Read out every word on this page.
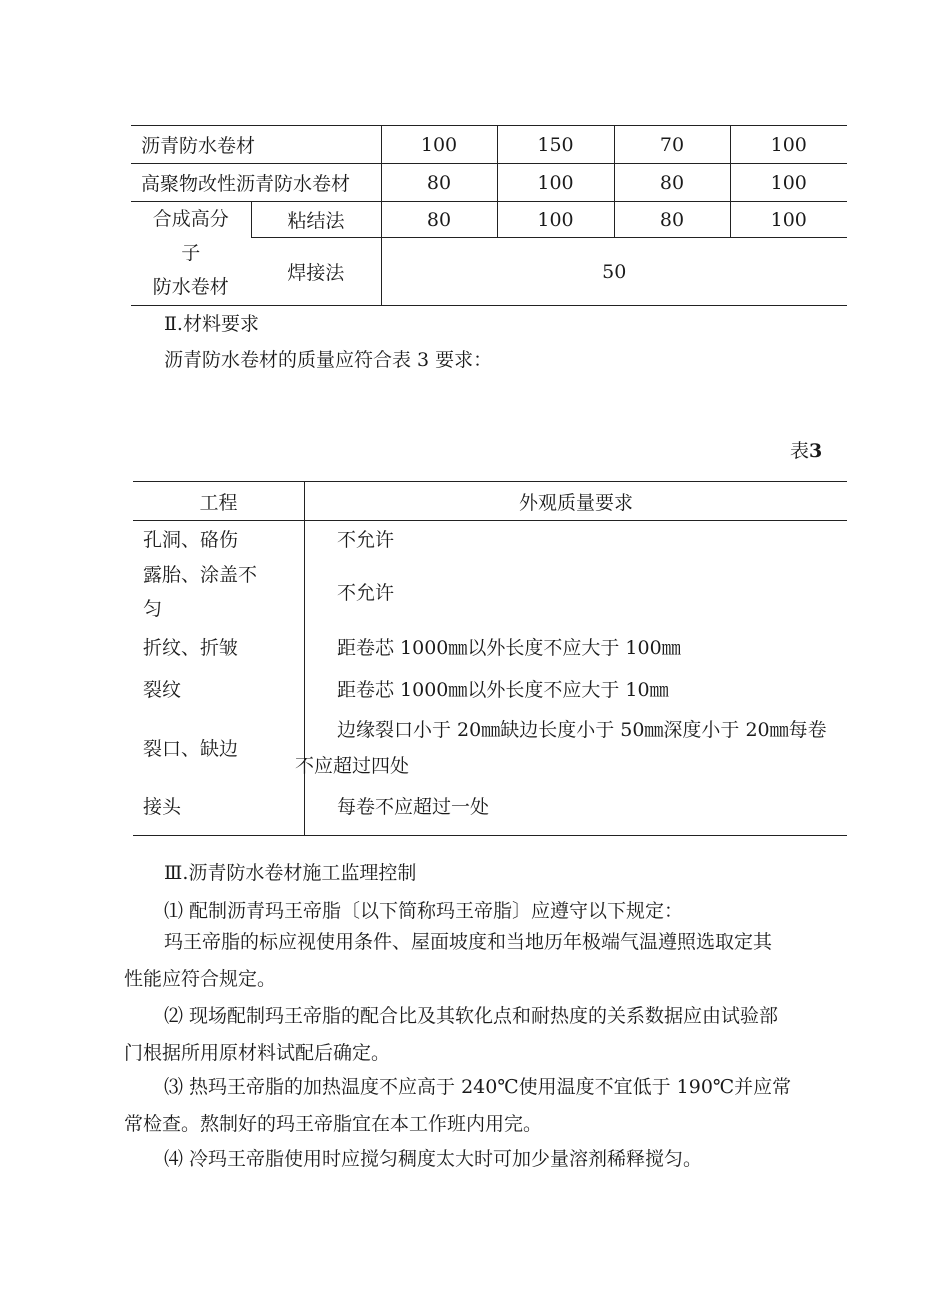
沥青防水卷材		100	150	70	100
高聚物改性沥青防水卷材		80	100	80	100

合成高分
子
防水卷材	粘结法	80	100	80	100
	焊接法	50			
Ⅱ.材料要求
沥青防水卷材的质量应符合表 3 要求：
表3
工程	外观质量要求
孔洞、硌伤	不允许

露胎、涂盖不
匀	不允许

折纹、折皱	距卷芯 1000㎜以外长度不应大于 100㎜

裂纹	距卷芯 1000㎜以外长度不应大于 10㎜

裂口、缺边	边缘裂口小于 20㎜缺边长度小于 50㎜深度小于 20㎜每卷
不应超过四处

接头	每卷不应超过一处
Ⅲ.沥青防水卷材施工监理控制
⑴ 配制沥青玛王帝脂〔以下简称玛王帝脂〕应遵守以下规定：
玛王帝脂的标应视使用条件、屋面坡度和当地历年极端气温遵照选取定其
性能应符合规定。
⑵ 现场配制玛王帝脂的配合比及其软化点和耐热度的关系数据应由试验部
门根据所用原材料试配后确定。
⑶ 热玛王帝脂的加热温度不应高于 240℃使用温度不宜低于 190℃并应常
常检查。熬制好的玛王帝脂宜在本工作班内用完。
⑷ 冷玛王帝脂使用时应搅匀稠度太大时可加少量溶剂稀释搅匀。
